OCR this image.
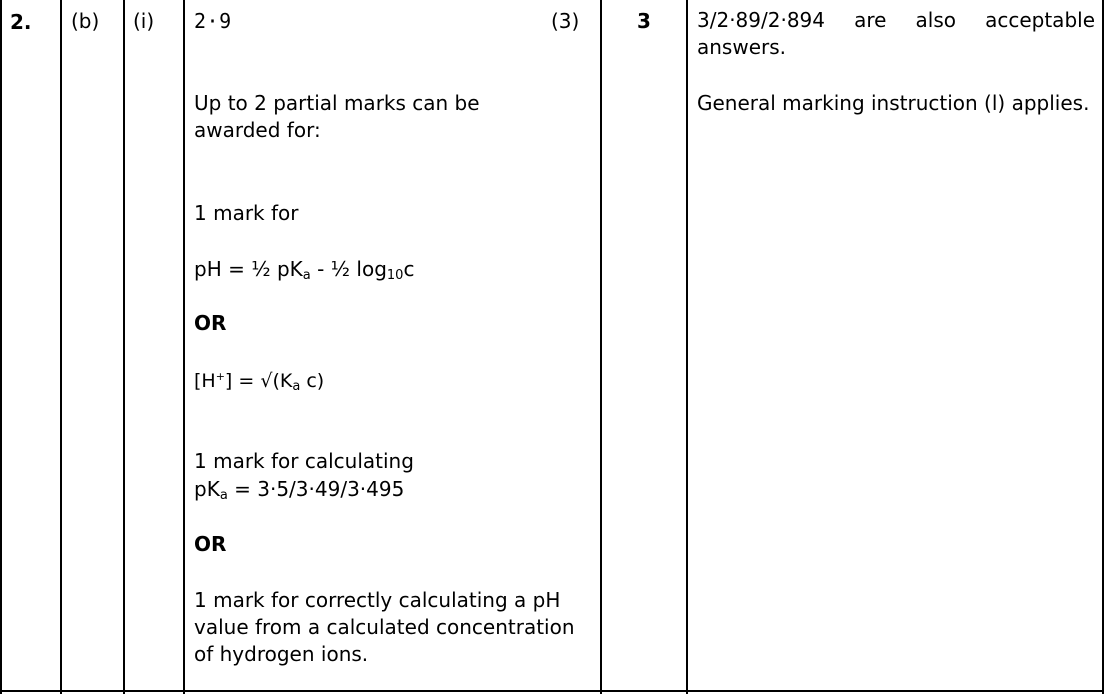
2. (b) (i) 2·9	(3)
Up to 2 partial marks can be awarded for:
1 mark for
pH = ½ $pK_a$ - ½ $\log_{10}c$
OR
$[H^+] = √(K_a$ c)
1 mark for calculating
$pK_a = 3\cdot 5/3\cdot 49/3\cdot 495$
OR
1 mark for correctly calculating a pH value from a calculated concentration of hydrogen ions.
3 3/2·89/2·894 are also acceptable answers.
General marking instruction (l) applies.
